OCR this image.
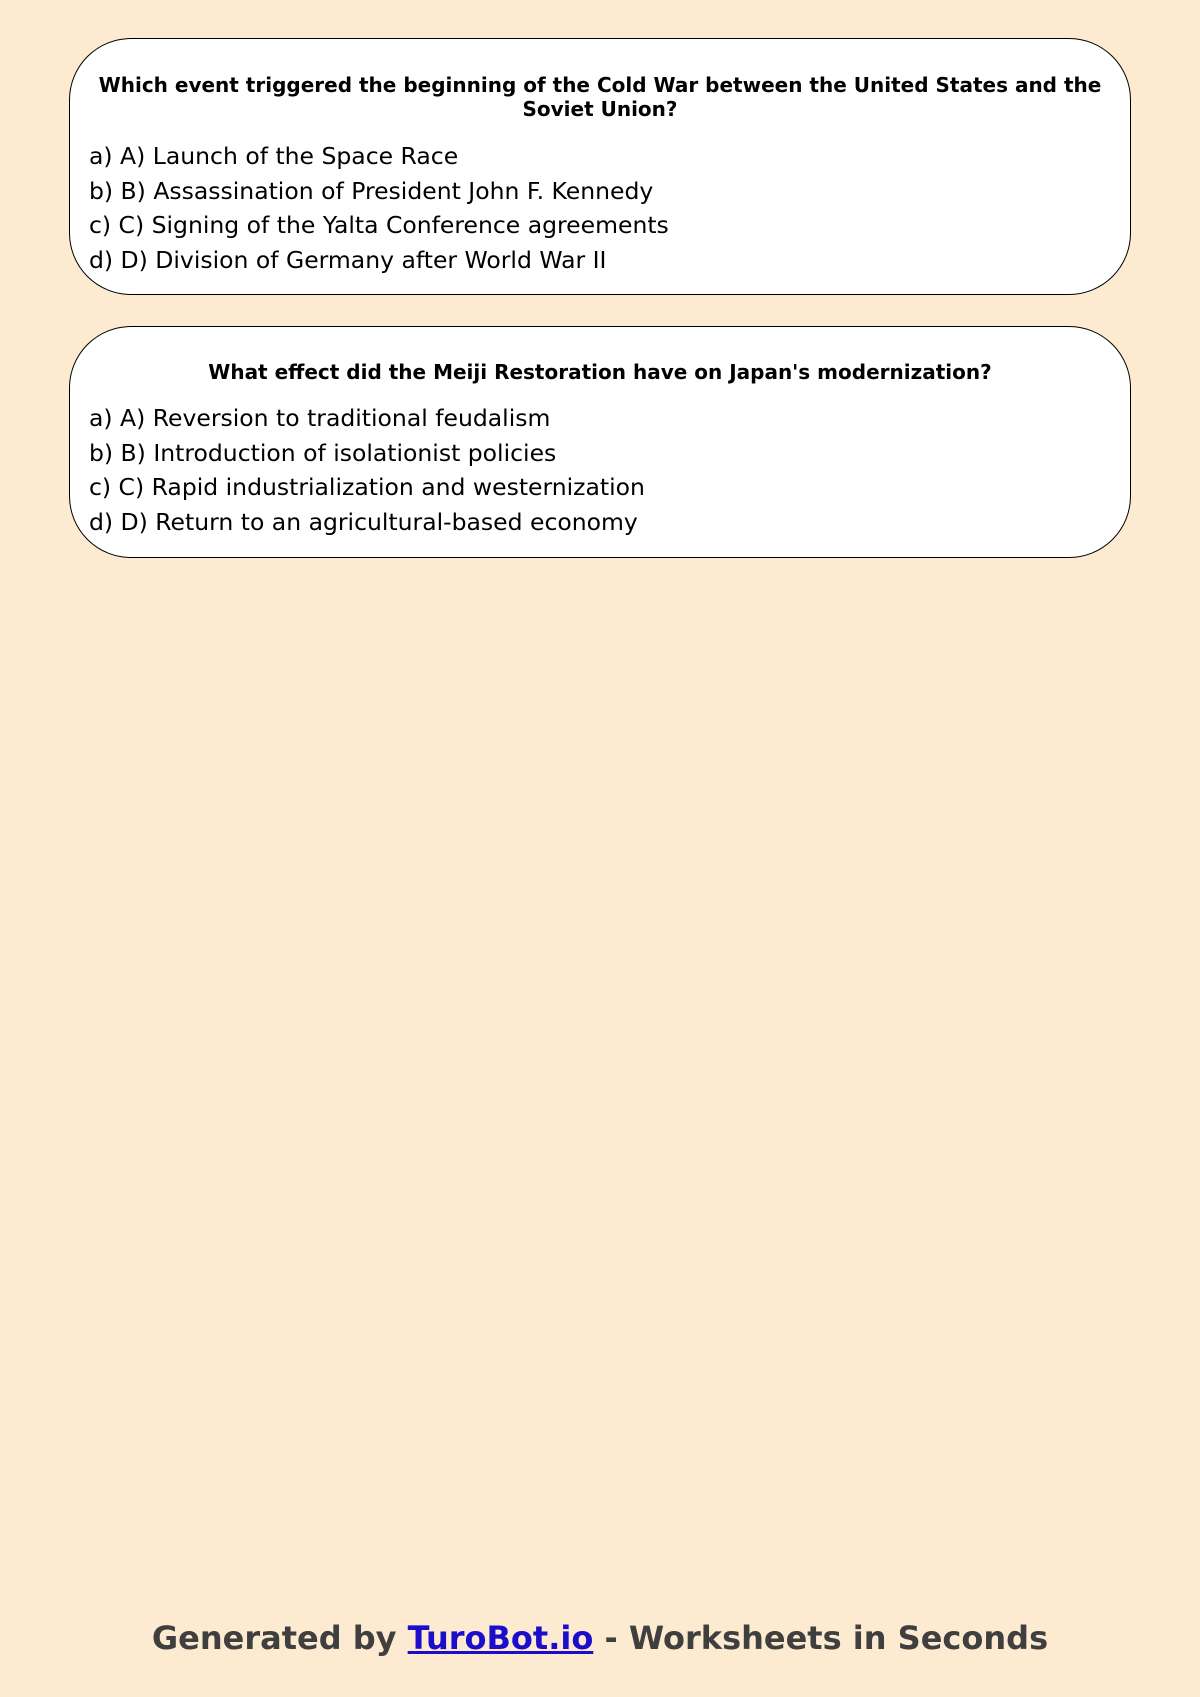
Which event triggered the beginning of the Cold War between the United States and the Soviet Union?

a) A) Launch of the Space Race
b) B) Assassination of President John F. Kennedy
c) C) Signing of the Yalta Conference agreements
d) D) Division of Germany after World War II

What effect did the Meiji Restoration have on Japan's modernization?

a) A) Reversion to traditional feudalism
b) B) Introduction of isolationist policies
c) C) Rapid industrialization and westernization
d) D) Return to an agricultural-based economy
Generated by TuroBot.io - Worksheets in Seconds
